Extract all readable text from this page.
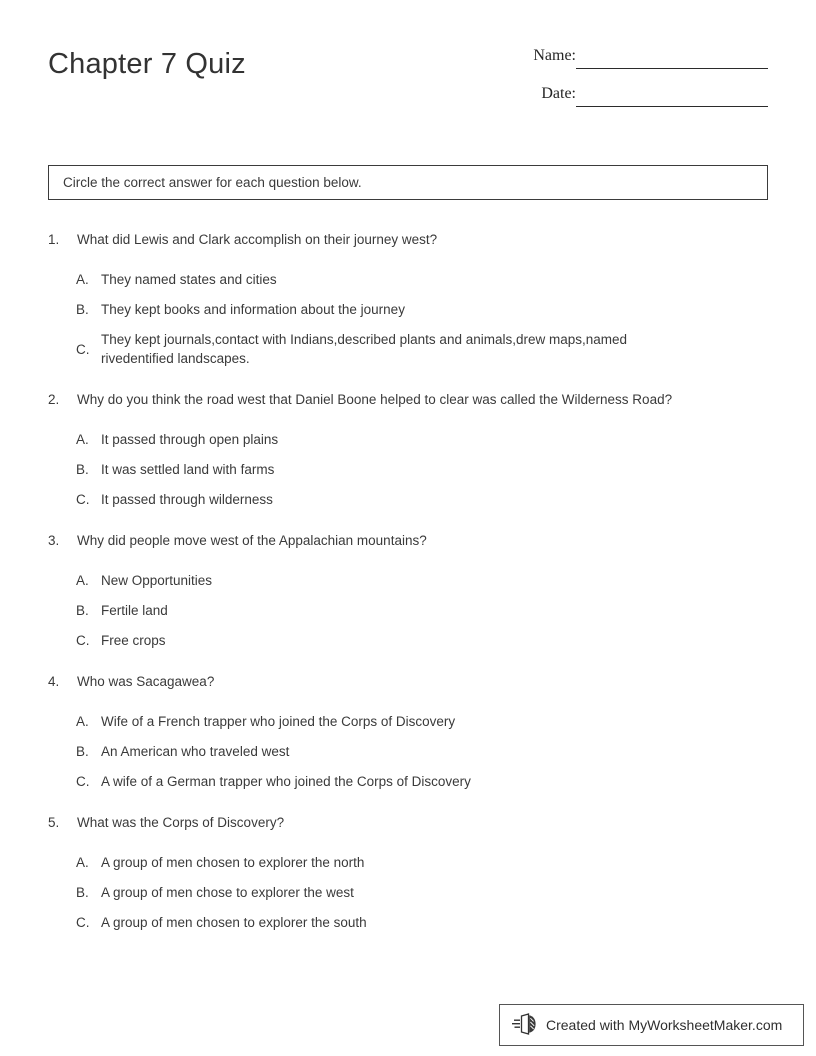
Chapter 7 Quiz	Name:
Date:
Circle the correct answer for each question below.
1.	What did Lewis and Clark accomplish on their journey west?
A. They named states and cities
B. They kept books and information about the journey
C.
They kept journals,contact with Indians,described plants and animals,drew maps,named
rivedentified landscapes.
2.	Why do you think the road west that Daniel Boone helped to clear was called the Wilderness Road?
A. It passed through open plains
B. It was settled land with farms
C. It passed through wilderness
3.	Why did people move west of the Appalachian mountains?
A. New Opportunities
B. Fertile land
C. Free crops
4.	Who was Sacagawea?
A. Wife of a French trapper who joined the Corps of Discovery
B. An American who traveled west
C. A wife of a German trapper who joined the Corps of Discovery
5.	What was the Corps of Discovery?
A. A group of men chosen to explorer the north
B. A group of men chose to explorer the west
C. A group of men chosen to explorer the south
Created with MyWorksheetMaker.com
